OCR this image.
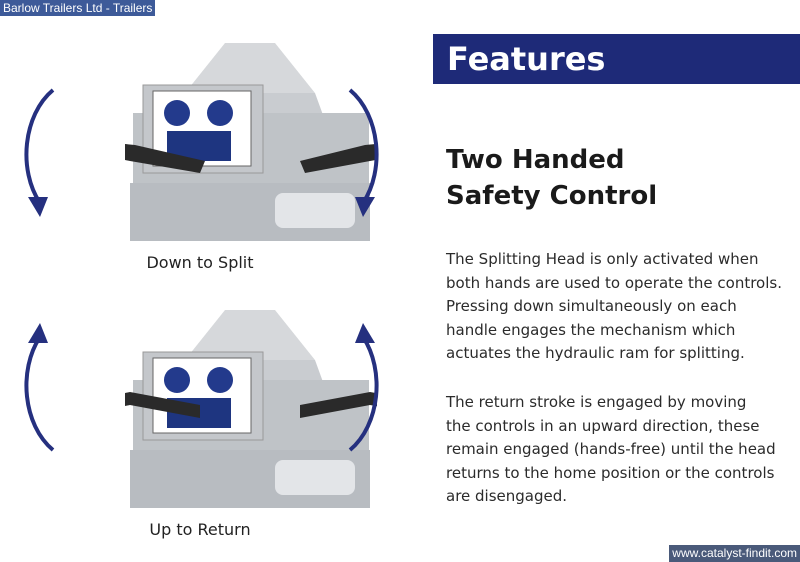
Barlow Trailers Ltd - Trailers
Down to Split
Up to Return
Features
Two Handed
Safety Control
The Splitting Head is only activated when
both hands are used to operate the controls.
Pressing down simultaneously on each
handle engages the mechanism which
actuates the hydraulic ram for splitting.
The return stroke is engaged by moving
the controls in an upward direction, these
remain engaged (hands-free) until the head
returns to the home position or the controls
are disengaged.
www.catalyst-findit.com
